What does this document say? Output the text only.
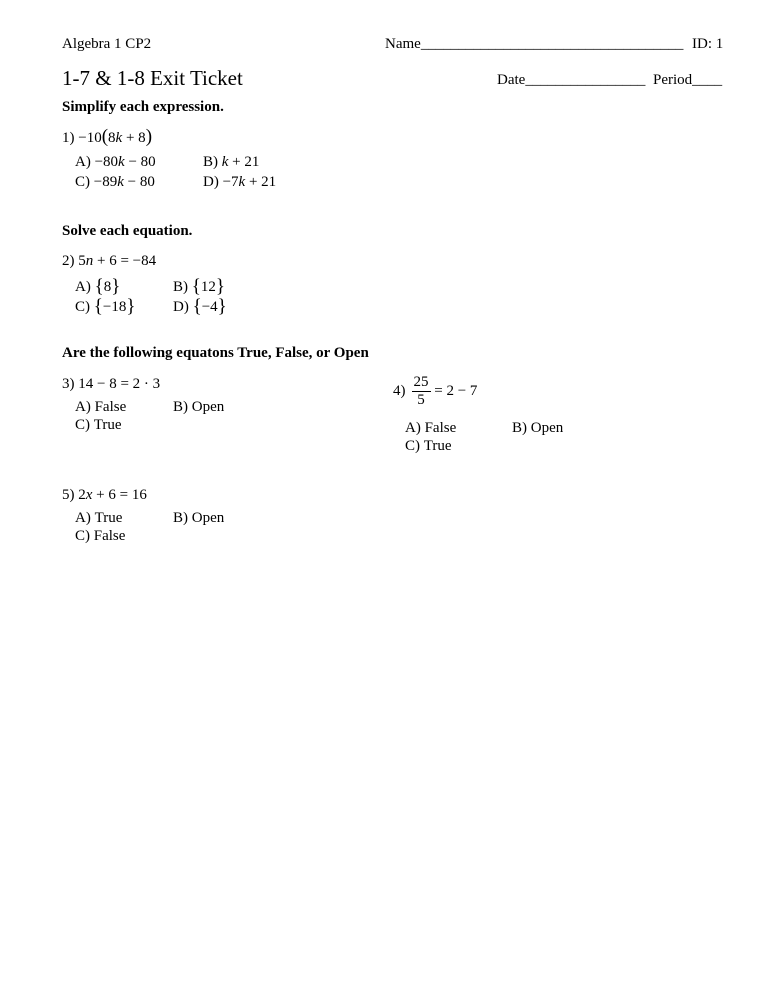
Algebra 1 CP2	Name___________________________________ ID: 1
1-7 & 1-8 Exit Ticket	Date________________ Period____
Simplify each expression.
1) −10(8k + 8)
A) −80k − 80	B) k + 21
C) −89k − 80	D) −7k + 21
Solve each equation.
2) 5n + 6 = −84
A) {8}	B) {12}
C) {−18}	D) {−4}
Are the following equatons True, False, or Open
3) 14 − 8 = 2 · 3
A) False	B) Open
C) True
$4) \frac{25}{5} = 2 - 7$
A) False	B) Open
C) True
5) 2x + 6 = 16
A) True	B) Open
C) False
